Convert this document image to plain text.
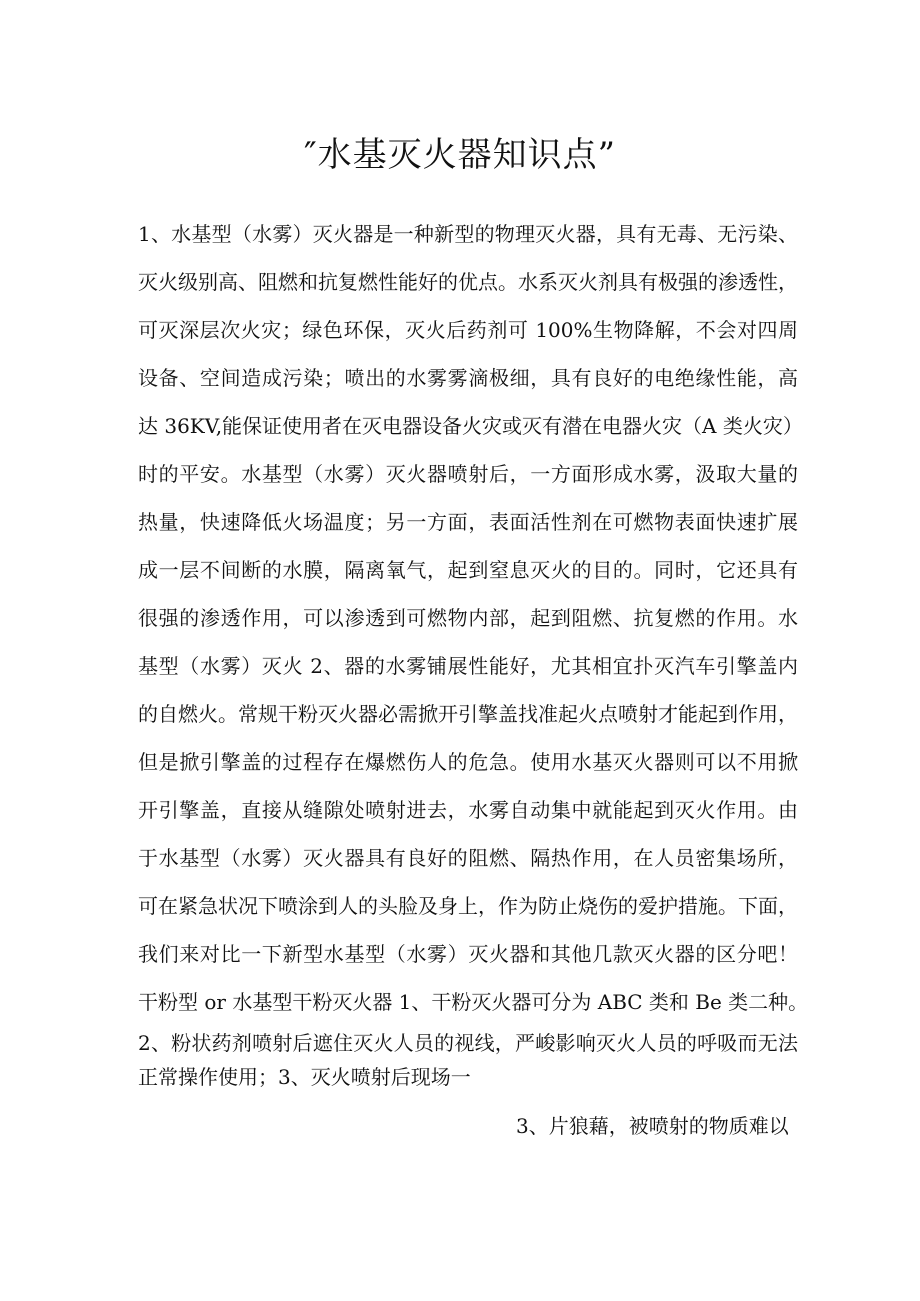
″水基灭火器知识点”
1、水基型（水雾）灭火器是一种新型的物理灭火器，具有无毒、无污染、
灭火级别高、阻燃和抗复燃性能好的优点。水系灭火剂具有极强的渗透性，
可灭深层次火灾；绿色环保，灭火后药剂可 100%生物降解，不会对四周
设备、空间造成污染；喷出的水雾雾滴极细，具有良好的电绝缘性能，高
达 36KV,能保证使用者在灭电器设备火灾或灭有潜在电器火灾（A 类火灾）
时的平安。水基型（水雾）灭火器喷射后，一方面形成水雾，汲取大量的
热量，快速降低火场温度；另一方面，表面活性剂在可燃物表面快速扩展
成一层不间断的水膜，隔离氧气，起到窒息灭火的目的。同时，它还具有
很强的渗透作用，可以渗透到可燃物内部，起到阻燃、抗复燃的作用。水
基型（水雾）灭火 2、器的水雾铺展性能好，尤其相宜扑灭汽车引擎盖内
的自燃火。常规干粉灭火器必需掀开引擎盖找准起火点喷射才能起到作用，
但是掀引擎盖的过程存在爆燃伤人的危急。使用水基灭火器则可以不用掀
开引擎盖，直接从缝隙处喷射进去，水雾自动集中就能起到灭火作用。由
于水基型（水雾）灭火器具有良好的阻燃、隔热作用，在人员密集场所，
可在紧急状况下喷涂到人的头脸及身上，作为防止烧伤的爱护措施。下面，
我们来对比一下新型水基型（水雾）灭火器和其他几款灭火器的区分吧！
干粉型 or 水基型干粉灭火器 1、干粉灭火器可分为 ABC 类和 Be 类二种。
2、粉状药剂喷射后遮住灭火人员的视线，严峻影响灭火人员的呼吸而无法
正常操作使用；3、灭火喷射后现场一
3、片狼藉，被喷射的物质难以
